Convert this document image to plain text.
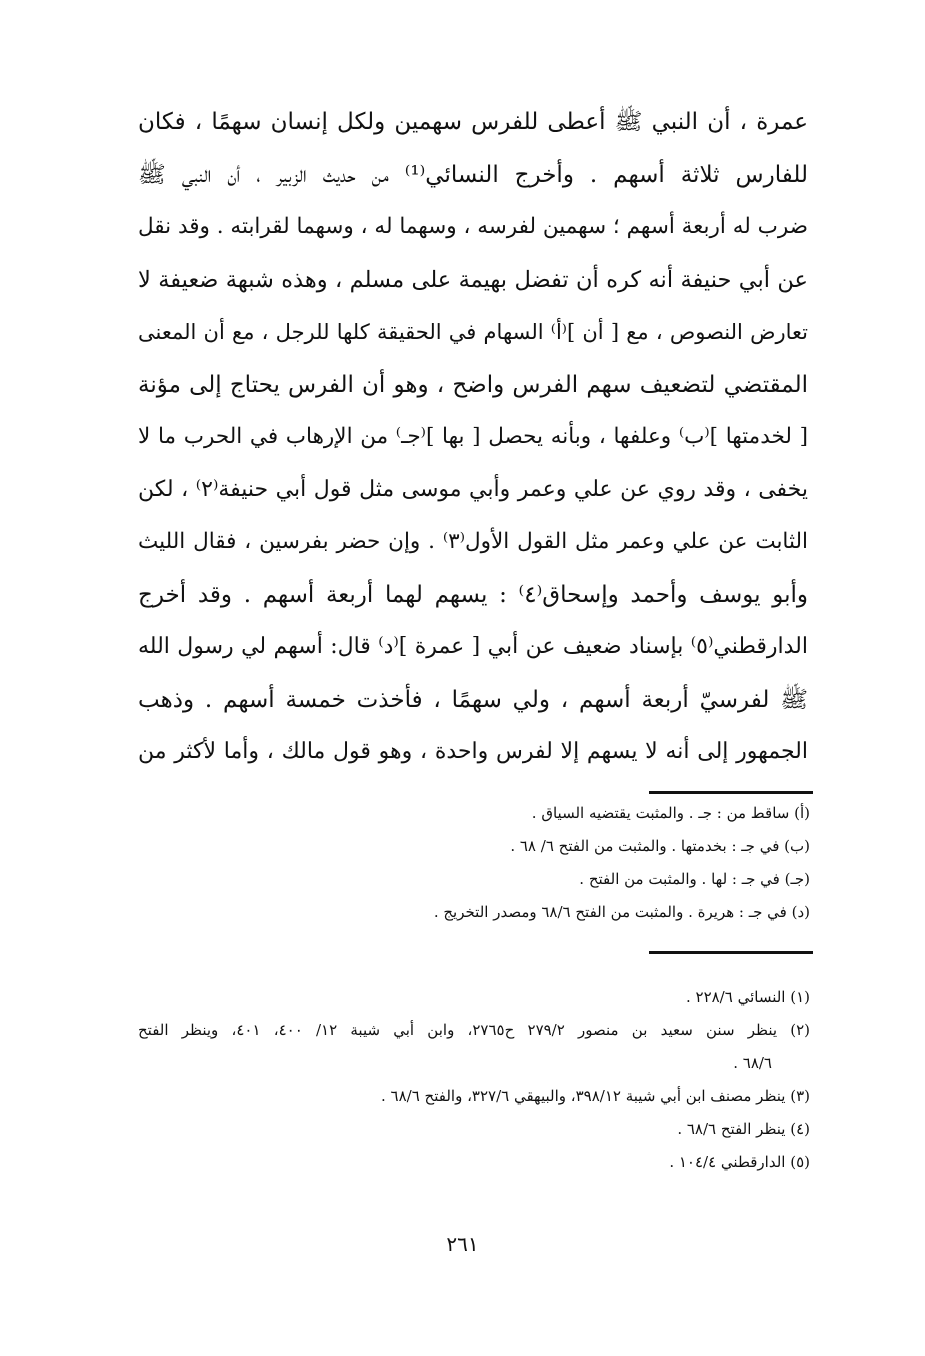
عمرة ، أن النبي ﷺ أعطى للفرس سهمين ولكل إنسان سهمًا ، فكان
للفارس ثلاثة أسهم . وأخرج النسائي⁽¹⁾ من حديث الزبير ، أن النبي ﷺ
ضرب له أربعة أسهم ؛ سهمين لفرسه ، وسهما له ، وسهما لقرابته . وقد نقل
عن أبي حنيفة أنه كره أن تفضل بهيمة على مسلم ، وهذه شبهة ضعيفة لا
تعارض النصوص ، مع [ أن ]⁽أ⁾ السهام في الحقيقة كلها للرجل ، مع أن المعنى
المقتضي لتضعيف سهم الفرس واضح ، وهو أن الفرس يحتاج إلى مؤنة
[ لخدمتها ]⁽ب⁾ وعلفها ، وبأنه يحصل [ بها ]⁽جـ⁾ من الإرهاب في الحرب ما لا
يخفى ، وقد روي عن علي وعمر وأبي موسى مثل قول أبي حنيفة⁽٢⁾ ، لكن
الثابت عن علي وعمر مثل القول الأول⁽٣⁾ . وإن حضر بفرسين ، فقال الليث
وأبو يوسف وأحمد وإسحاق⁽٤⁾ : يسهم لهما أربعة أسهم . وقد أخرج
الدارقطني⁽٥⁾ بإسناد ضعيف عن أبي [ عمرة ]⁽د⁾ قال: أسهم لي رسول الله
ﷺ لفرسيّ أربعة أسهم ، ولي سهمًا ، فأخذت خمسة أسهم . وذهب
الجمهور إلى أنه لا يسهم إلا لفرس واحدة ، وهو قول مالك ، وأما لأكثر من
(أ) ساقط من : جـ . والمثبت يقتضيه السياق .
(ب) في جـ : بخدمتها . والمثبت من الفتح ٦/ ٦٨ .
(جـ) في جـ : لها . والمثبت من الفتح .
(د) في جـ : هريرة . والمثبت من الفتح ٦٨/٦ ومصدر التخريج .
(١) النسائي ٢٢٨/٦ .
(٢) ينظر سنن سعيد بن منصور ٢٧٩/٢ ح٢٧٦٥، وابن أبي شيبة ١٢/ ٤٠٠، ٤٠١، وينظر الفتح
٦٨/٦ .
(٣) ينظر مصنف ابن أبي شيبة ٣٩٨/١٢، والبيهقي ٣٢٧/٦، والفتح ٦٨/٦ .
(٤) ينظر الفتح ٦٨/٦ .
(٥) الدارقطني ١٠٤/٤ .
٢٦١
